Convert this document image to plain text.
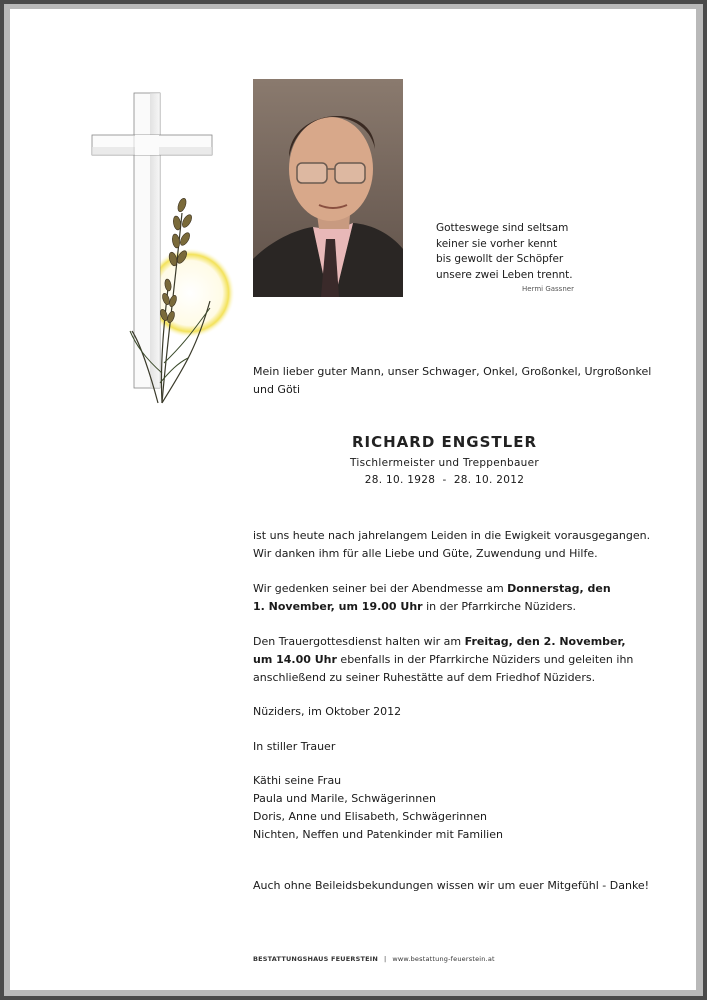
Gotteswege sind seltsam
keiner sie vorher kennt
bis gewollt der Schöpfer
unsere zwei Leben trennt.
Hermi Gassner
Mein lieber guter Mann, unser Schwager, Onkel, Großonkel, Urgroßonkel
und Göti
RICHARD ENGSTLER
Tischlermeister und Treppenbauer
28. 10. 1928  -  28. 10. 2012
ist uns heute nach jahrelangem Leiden in die Ewigkeit vorausgegangen.
Wir danken ihm für alle Liebe und Güte, Zuwendung und Hilfe.
Wir gedenken seiner bei der Abendmesse am Donnerstag, den
1. November, um 19.00 Uhr in der Pfarrkirche Nüziders.
Den Trauergottesdienst halten wir am Freitag, den 2. November,
um 14.00 Uhr ebenfalls in der Pfarrkirche Nüziders und geleiten ihn
anschließend zu seiner Ruhestätte auf dem Friedhof Nüziders.
Nüziders, im Oktober 2012
In stiller Trauer
Käthi seine Frau
Paula und Marile, Schwägerinnen
Doris, Anne und Elisabeth, Schwägerinnen
Nichten, Neffen und Patenkinder mit Familien
Auch ohne Beileidsbekundungen wissen wir um euer Mitgefühl - Danke!
BESTATTUNGSHAUS FEUERSTEIN | www.bestattung-feuerstein.at
